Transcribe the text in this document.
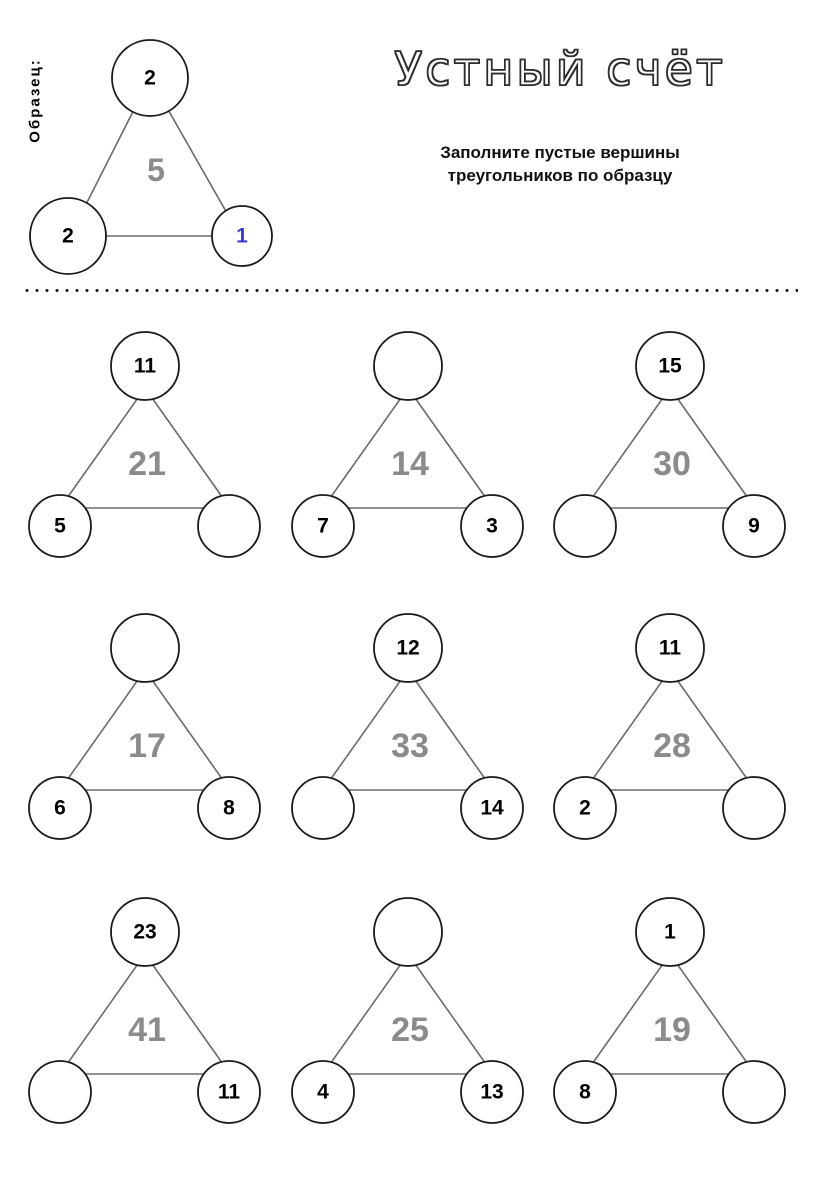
Образец:	2
2	1
5
Устный счёт
Заполните пустые вершины
треугольников по образцу
11
5
21
7	3
14
15
9
30
6	8
17
12
14
33
11
2
28
23
11
41
4	13
25
1
8
19
